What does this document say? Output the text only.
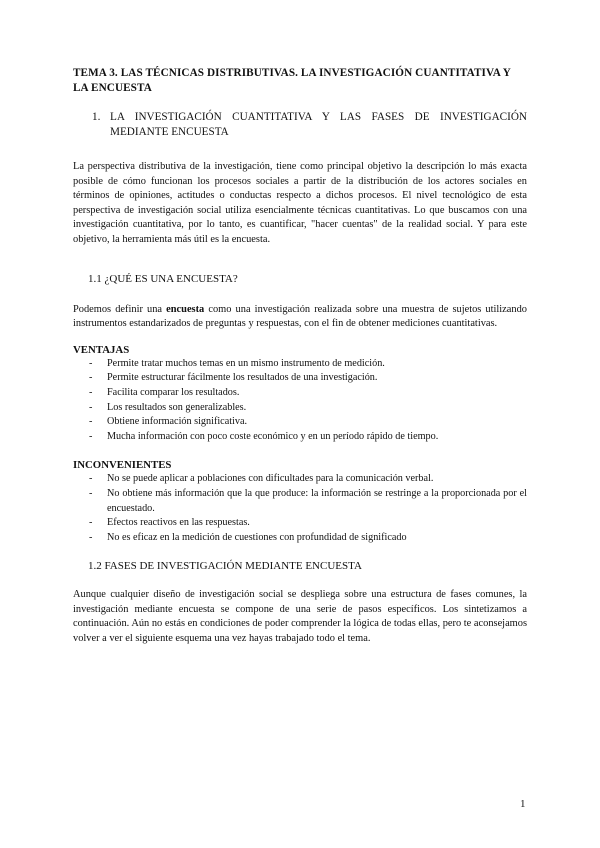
TEMA 3. LAS TÉCNICAS DISTRIBUTIVAS. LA INVESTIGACIÓN CUANTITATIVA Y LA ENCUESTA
1. LA INVESTIGACIÓN CUANTITATIVA Y LAS FASES DE INVESTIGACIÓN MEDIANTE ENCUESTA

La perspectiva distributiva de la investigación, tiene como principal objetivo la descripción lo más exacta posible de cómo funcionan los procesos sociales a partir de la distribución de los actores sociales en términos de opiniones, actitudes o conductas respecto a dichos procesos. El nivel tecnológico de esta perspectiva de investigación social utiliza esencialmente técnicas cuantitativas. Lo que buscamos con una investigación cuantitativa, por lo tanto, es cuantificar, "hacer cuentas" de la realidad social. Y para este objetivo, la herramienta más útil es la encuesta.

1.1 ¿QUÉ ES UNA ENCUESTA?

Podemos definir una encuesta como una investigación realizada sobre una muestra de sujetos utilizando instrumentos estandarizados de preguntas y respuestas, con el fin de obtener mediciones cuantitativas.

VENTAJAS
-	Permite tratar muchos temas en un mismo instrumento de medición.
-	Permite estructurar fácilmente los resultados de una investigación.
-	Facilita comparar los resultados.
-	Los resultados son generalizables.
-	Obtiene información significativa.
-	Mucha información con poco coste económico y en un período rápido de tiempo.
INCONVENIENTES
-	No se puede aplicar a poblaciones con dificultades para la comunicación verbal.
-	No obtiene más información que la que produce: la información se restringe a la proporcionada por el encuestado.
-	Efectos reactivos en las respuestas.
-	No es eficaz en la medición de cuestiones con profundidad de significado
1.2 FASES DE INVESTIGACIÓN MEDIANTE ENCUESTA

Aunque cualquier diseño de investigación social se despliega sobre una estructura de fases comunes, la investigación mediante encuesta se compone de una serie de pasos específicos. Los sintetizamos a continuación. Aún no estás en condiciones de poder comprender la lógica de todas ellas, pero te aconsejamos volver a ver el siguiente esquema una vez hayas trabajado todo el tema.

1
